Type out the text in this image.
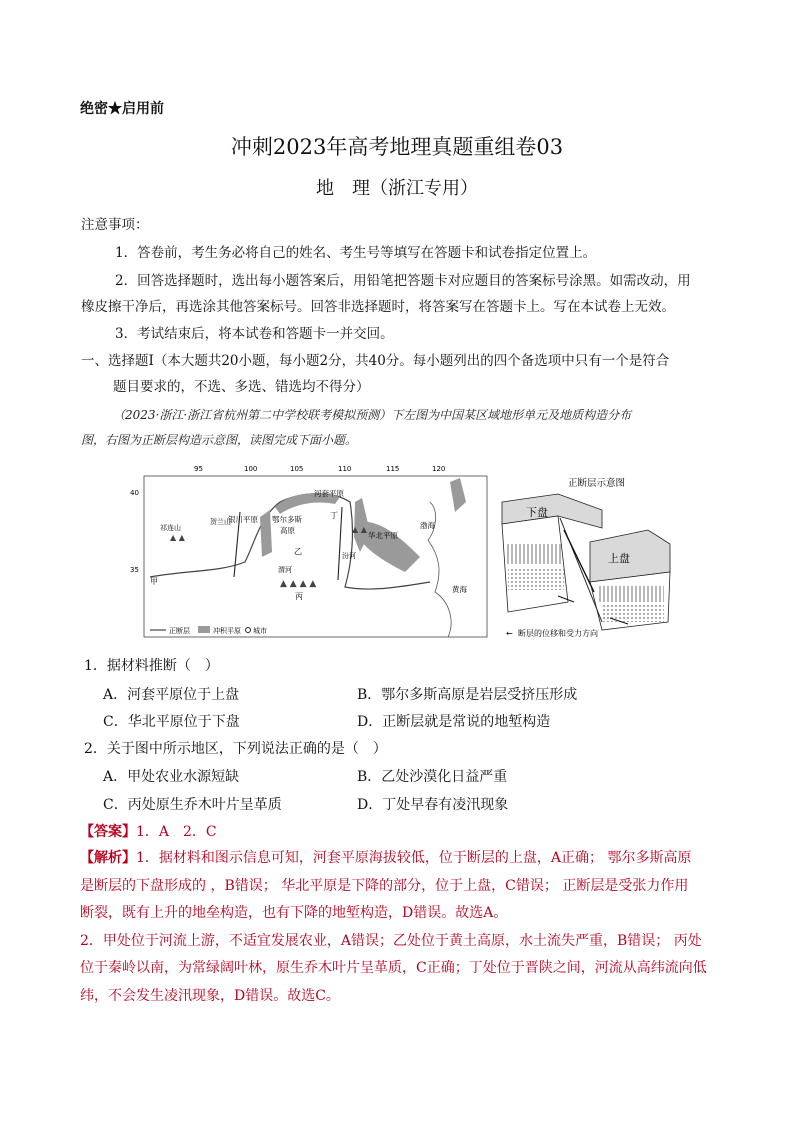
绝密★启用前
冲刺2023年高考地理真题重组卷03
地　理（浙江专用）
注意事项：
1．答卷前，考生务必将自己的姓名、考生号等填写在答题卡和试卷指定位置上。
2．回答选择题时，选出每小题答案后，用铅笔把答题卡对应题目的答案标号涂黑。如需改动，用
橡皮擦干净后，再选涂其他答案标号。回答非选择题时，将答案写在答题卡上。写在本试卷上无效。
3．考试结束后，将本试卷和答题卡一并交回。
一、选择题Ⅰ（本大题共20小题，每小题2分，共40分。每小题列出的四个备选项中只有一个是符合
题目要求的，不选、多选、错选均不得分）
（2023·浙江·浙江省杭州第二中学校联考模拟预测）下左图为中国某区域地形单元及地质构造分布
图，右图为正断层构造示意图，读图完成下面小题。
95	100	105	110	115	120
40
35
▲ ▲ ▲ ▲
▲ ▲
▲ ▲
河套平原
银川平原 鄂尔多斯
高原
华北平原
渤海
黄海
贺兰山
祁连山
汾河
渭河
甲
乙
丙
丁
正断层	冲积平原 城市
正断层示意图
下盘
上盘
← 断层的位移和受力方向
1．据材料推断（　）
A．河套平原位于上盘	B．鄂尔多斯高原是岩层受挤压形成
C．华北平原位于下盘	D．正断层就是常说的地堑构造
2．关于图中所示地区，下列说法正确的是（　）
A．甲处农业水源短缺	B．乙处沙漠化日益严重
C．丙处原生乔木叶片呈革质	D．丁处早春有凌汛现象
【答案】1．A　2．C
【解析】1．据材料和图示信息可知，河套平原海拔较低，位于断层的上盘，A正确； 鄂尔多斯高原
是断层的下盘形成的 ，B错误； 华北平原是下降的部分，位于上盘，C错误； 正断层是受张力作用
断裂，既有上升的地垒构造，也有下降的地堑构造，D错误。故选A。
2．甲处位于河流上游，不适宜发展农业，A错误；乙处位于黄土高原，水土流失严重，B错误； 丙处
位于秦岭以南，为常绿阔叶林，原生乔木叶片呈革质，C正确；丁处位于晋陕之间，河流从高纬流向低
纬，不会发生凌汛现象，D错误。故选C。
